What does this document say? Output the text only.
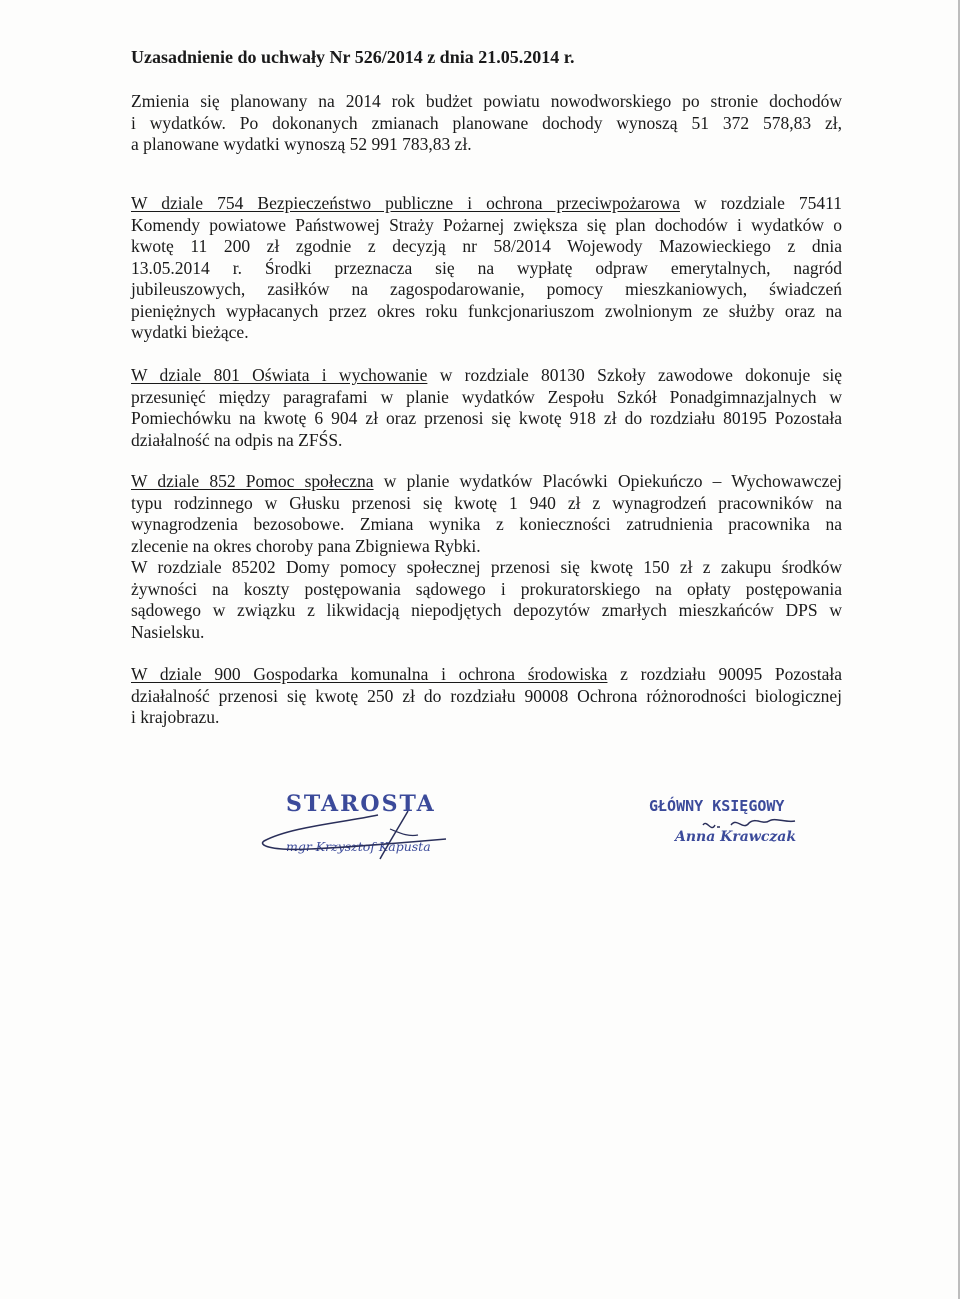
Uzasadnienie do uchwały Nr 526/2014 z dnia 21.05.2014 r.
Zmienia się planowany na 2014 rok budżet powiatu nowodworskiego po stronie dochodów
i wydatków. Po dokonanych zmianach planowane dochody wynoszą 51 372 578,83 zł,
a planowane wydatki wynoszą 52 991 783,83 zł.
W dziale 754 Bezpieczeństwo publiczne i ochrona przeciwpożarowa w rozdziale 75411
Komendy powiatowe Państwowej Straży Pożarnej zwiększa się plan dochodów i wydatków o
kwotę 11 200 zł zgodnie z decyzją nr 58/2014 Wojewody Mazowieckiego z dnia
13.05.2014 r. Środki przeznacza się na wypłatę odpraw emerytalnych, nagród
jubileuszowych, zasiłków na zagospodarowanie, pomocy mieszkaniowych, świadczeń
pieniężnych wypłacanych przez okres roku funkcjonariuszom zwolnionym ze służby oraz na
wydatki bieżące.
W dziale 801 Oświata i wychowanie w rozdziale 80130 Szkoły zawodowe dokonuje się
przesunięć między paragrafami w planie wydatków Zespołu Szkół Ponadgimnazjalnych w
Pomiechówku na kwotę 6 904 zł oraz przenosi się kwotę 918 zł do rozdziału 80195 Pozostała
działalność na odpis na ZFŚS.
W dziale 852 Pomoc społeczna w planie wydatków Placówki Opiekuńczo – Wychowawczej
typu rodzinnego w Głusku przenosi się kwotę 1 940 zł z wynagrodzeń pracowników na
wynagrodzenia bezosobowe. Zmiana wynika z konieczności zatrudnienia pracownika na
zlecenie na okres choroby pana Zbigniewa Rybki.
W rozdziale 85202 Domy pomocy społecznej przenosi się kwotę 150 zł z zakupu środków
żywności na koszty postępowania sądowego i prokuratorskiego na opłaty postępowania
sądowego w związku z likwidacją niepodjętych depozytów zmarłych mieszkańców DPS w
Nasielsku.
W dziale 900 Gospodarka komunalna i ochrona środowiska z rozdziału 90095 Pozostała
działalność przenosi się kwotę 250 zł do rozdziału 90008 Ochrona różnorodności biologicznej
i krajobrazu.
STAROSTA
mgr Krzysztof Kapusta
GŁÓWNY KSIĘGOWY
Anna Krawczak
